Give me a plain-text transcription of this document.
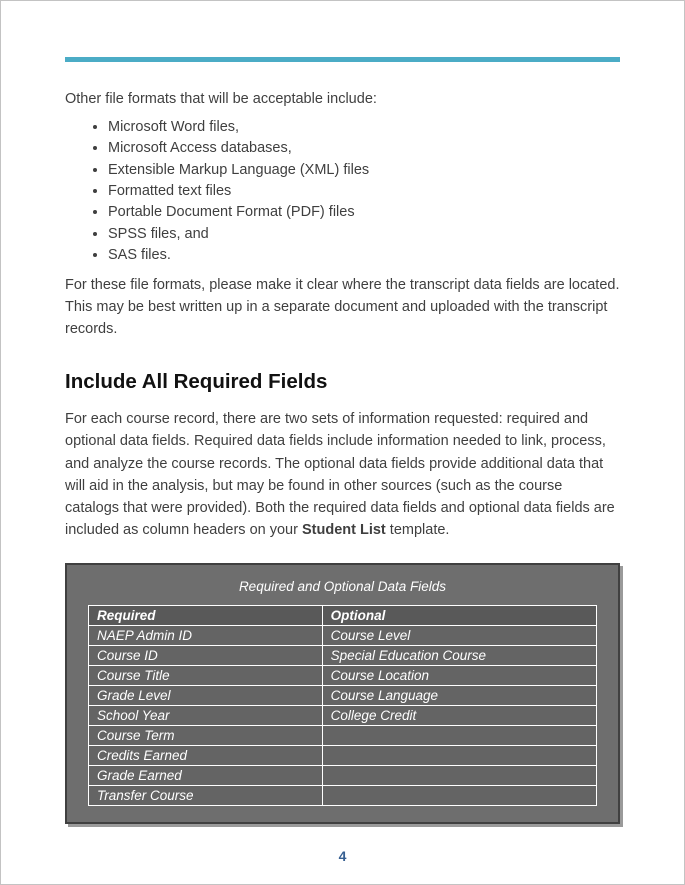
Other file formats that will be acceptable include:

• Microsoft Word files,
• Microsoft Access databases,
• Extensible Markup Language (XML) files
• Formatted text files
• Portable Document Format (PDF) files
• SPSS files, and
• SAS files.

For these file formats, please make it clear where the transcript data fields are located. This may be best written up in a separate document and uploaded with the transcript records.

Include All Required Fields

For each course record, there are two sets of information requested: required and optional data fields. Required data fields include information needed to link, process, and analyze the course records. The optional data fields provide additional data that will aid in the analysis, but may be found in other sources (such as the course catalogs that were provided). Both the required data fields and optional data fields are included as column headers on your Student List template.

Required and Optional Data Fields
Required	Optional
NAEP Admin ID	Course Level
Course ID	Special Education Course
Course Title	Course Location
Grade Level	Course Language
School Year	College Credit
Course Term	
Credits Earned	
Grade Earned	
Transfer Course	
4
